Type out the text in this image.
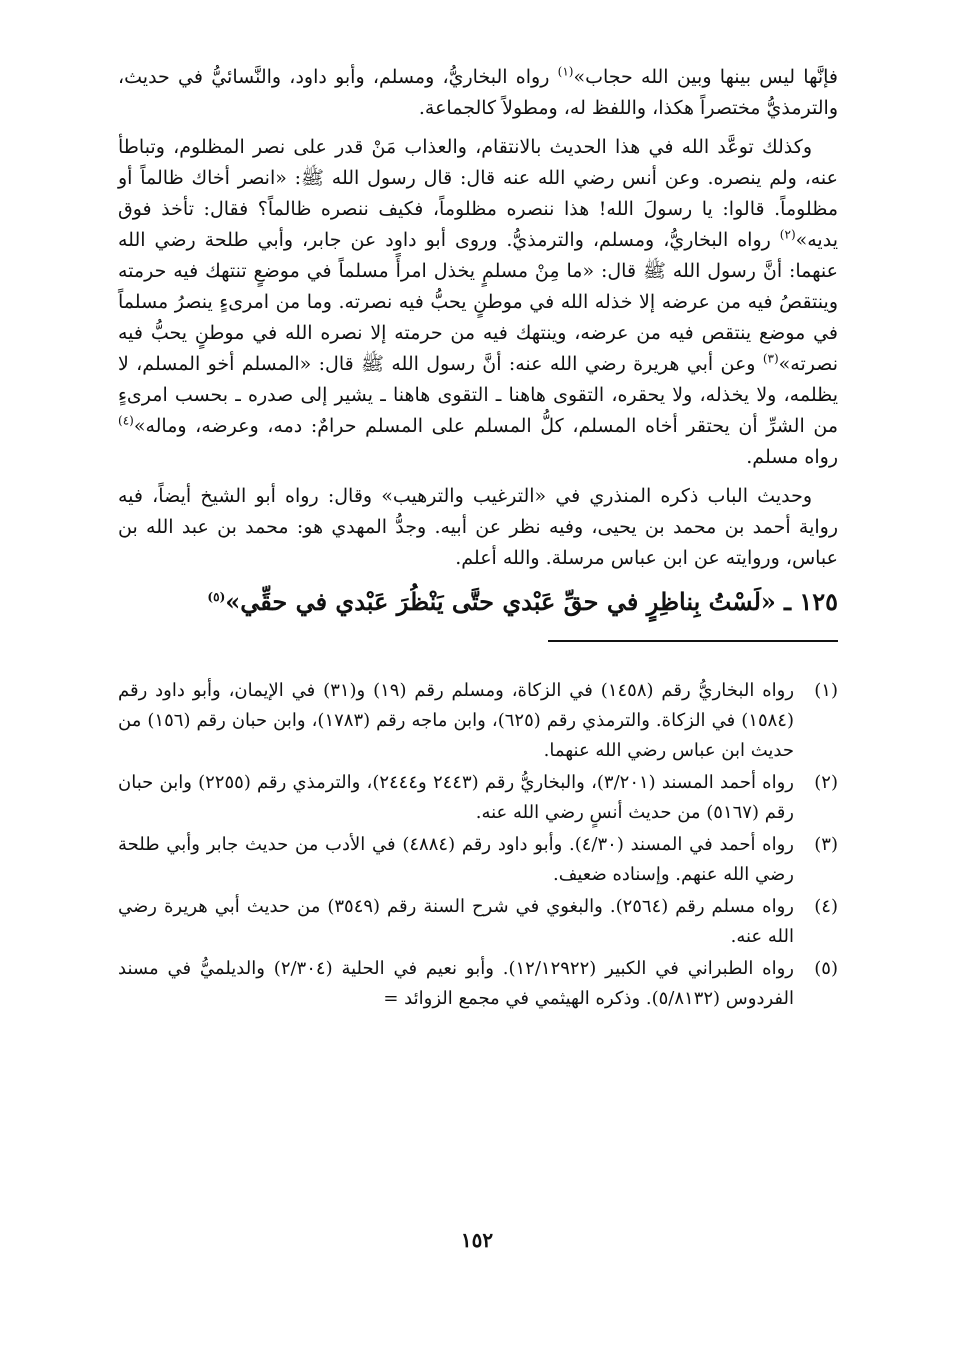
فإنَّها ليس بينها وبين الله حجاب»$^{(١)}$ رواه البخاريُّ، ومسلم، وأبو داود، والنَّسائيُّ في حديث، والترمذيُّ مختصراً هكذا، واللفظ له، ومطولاً كالجماعة.

وكذلك توعَّد الله في هذا الحديث بالانتقام، والعذاب مَنْ قدر على نصر المظلوم، وتباطأ عنه، ولم ينصره. وعن أنس رضي الله عنه قال: قال رسول الله ﷺ: «انصر أخاك ظالماً أو مظلوماً. قالوا: يا رسولَ الله! هذا ننصره مظلوماً، فكيف ننصره ظالماً؟ فقال: تأخذ فوق يديه»$^{(٢)}$ رواه البخاريُّ، ومسلم، والترمذيُّ. وروى أبو داود عن جابر، وأبي طلحة رضي الله عنهما: أنَّ رسول الله ﷺ قال: «ما مِنْ مسلمٍ يخذل امرأً مسلماً في موضعٍ تنتهك فيه حرمته وينتقصُ فيه من عرضه إلا خذله الله في موطنٍ يحبُّ فيه نصرته. وما من امرىءٍ ينصرُ مسلماً في موضع ينتقص فيه من عرضه، وينتهك فيه من حرمته إلا نصره الله في موطنٍ يحبُّ فيه نصرته»$^{(٣)}$ وعن أبي هريرة رضي الله عنه: أنَّ رسول الله ﷺ قال: «المسلم أخو المسلم، لا يظلمه، ولا يخذله، ولا يحقره، التقوى هاهنا ـ التقوى هاهنا ـ يشير إلى صدره ـ بحسب امرىءٍ من الشرِّ أن يحتقر أخاه المسلم، كلُّ المسلم على المسلم حرامٌ: دمه، وعرضه، وماله»$^{(٤)}$ رواه مسلم.

وحديث الباب ذكره المنذري في «الترغيب والترهيب» وقال: رواه أبو الشيخ أيضاً، فيه رواية أحمد بن محمد بن يحيى، وفيه نظر عن أبيه. وجدُّ المهدي هو: محمد بن عبد الله بن عباس، وروايته عن ابن عباس مرسلة. والله أعلم.

١٢٥ ـ«لَسْتُ بِناظِرٍ في حقِّ عَبْدي حتَّى يَنْظُرَ عَبْدي في حقِّي»$^{(٥)}$
(١)
رواه البخاريُّ رقم (١٤٥٨) في الزكاة، ومسلم رقم (١٩) و(٣١) في الإيمان، وأبو داود رقم (١٥٨٤) في الزكاة. والترمذي رقم (٦٢٥)، وابن ماجه رقم (١٧٨٣)، وابن حبان رقم (١٥٦) من حديث ابن عباس رضي الله عنهما.
(٢)
رواه أحمد المسند (٣/٢٠١)، والبخاريُّ رقم (٢٤٤٣ و٢٤٤٤)، والترمذي رقم (٢٢٥٥) وابن حبان رقم (٥١٦٧) من حديث أنسٍ رضي الله عنه.
(٣)
رواه أحمد في المسند (٤/٣٠). وأبو داود رقم (٤٨٨٤) في الأدب من حديث جابر وأبي طلحة رضي الله عنهم. وإسناده ضعيف.
(٤)
رواه مسلم رقم (٢٥٦٤). والبغوي في شرح السنة رقم (٣٥٤٩) من حديث أبي هريرة رضي الله عنه.
(٥)
رواه الطبراني في الكبير (١٢/١٢٩٢٢). وأبو نعيم في الحلية (٢/٣٠٤) والديلميُّ في مسند الفردوس (٥/٨١٣٢). وذكره الهيثمي في مجمع الزوائد =
١٥٢
